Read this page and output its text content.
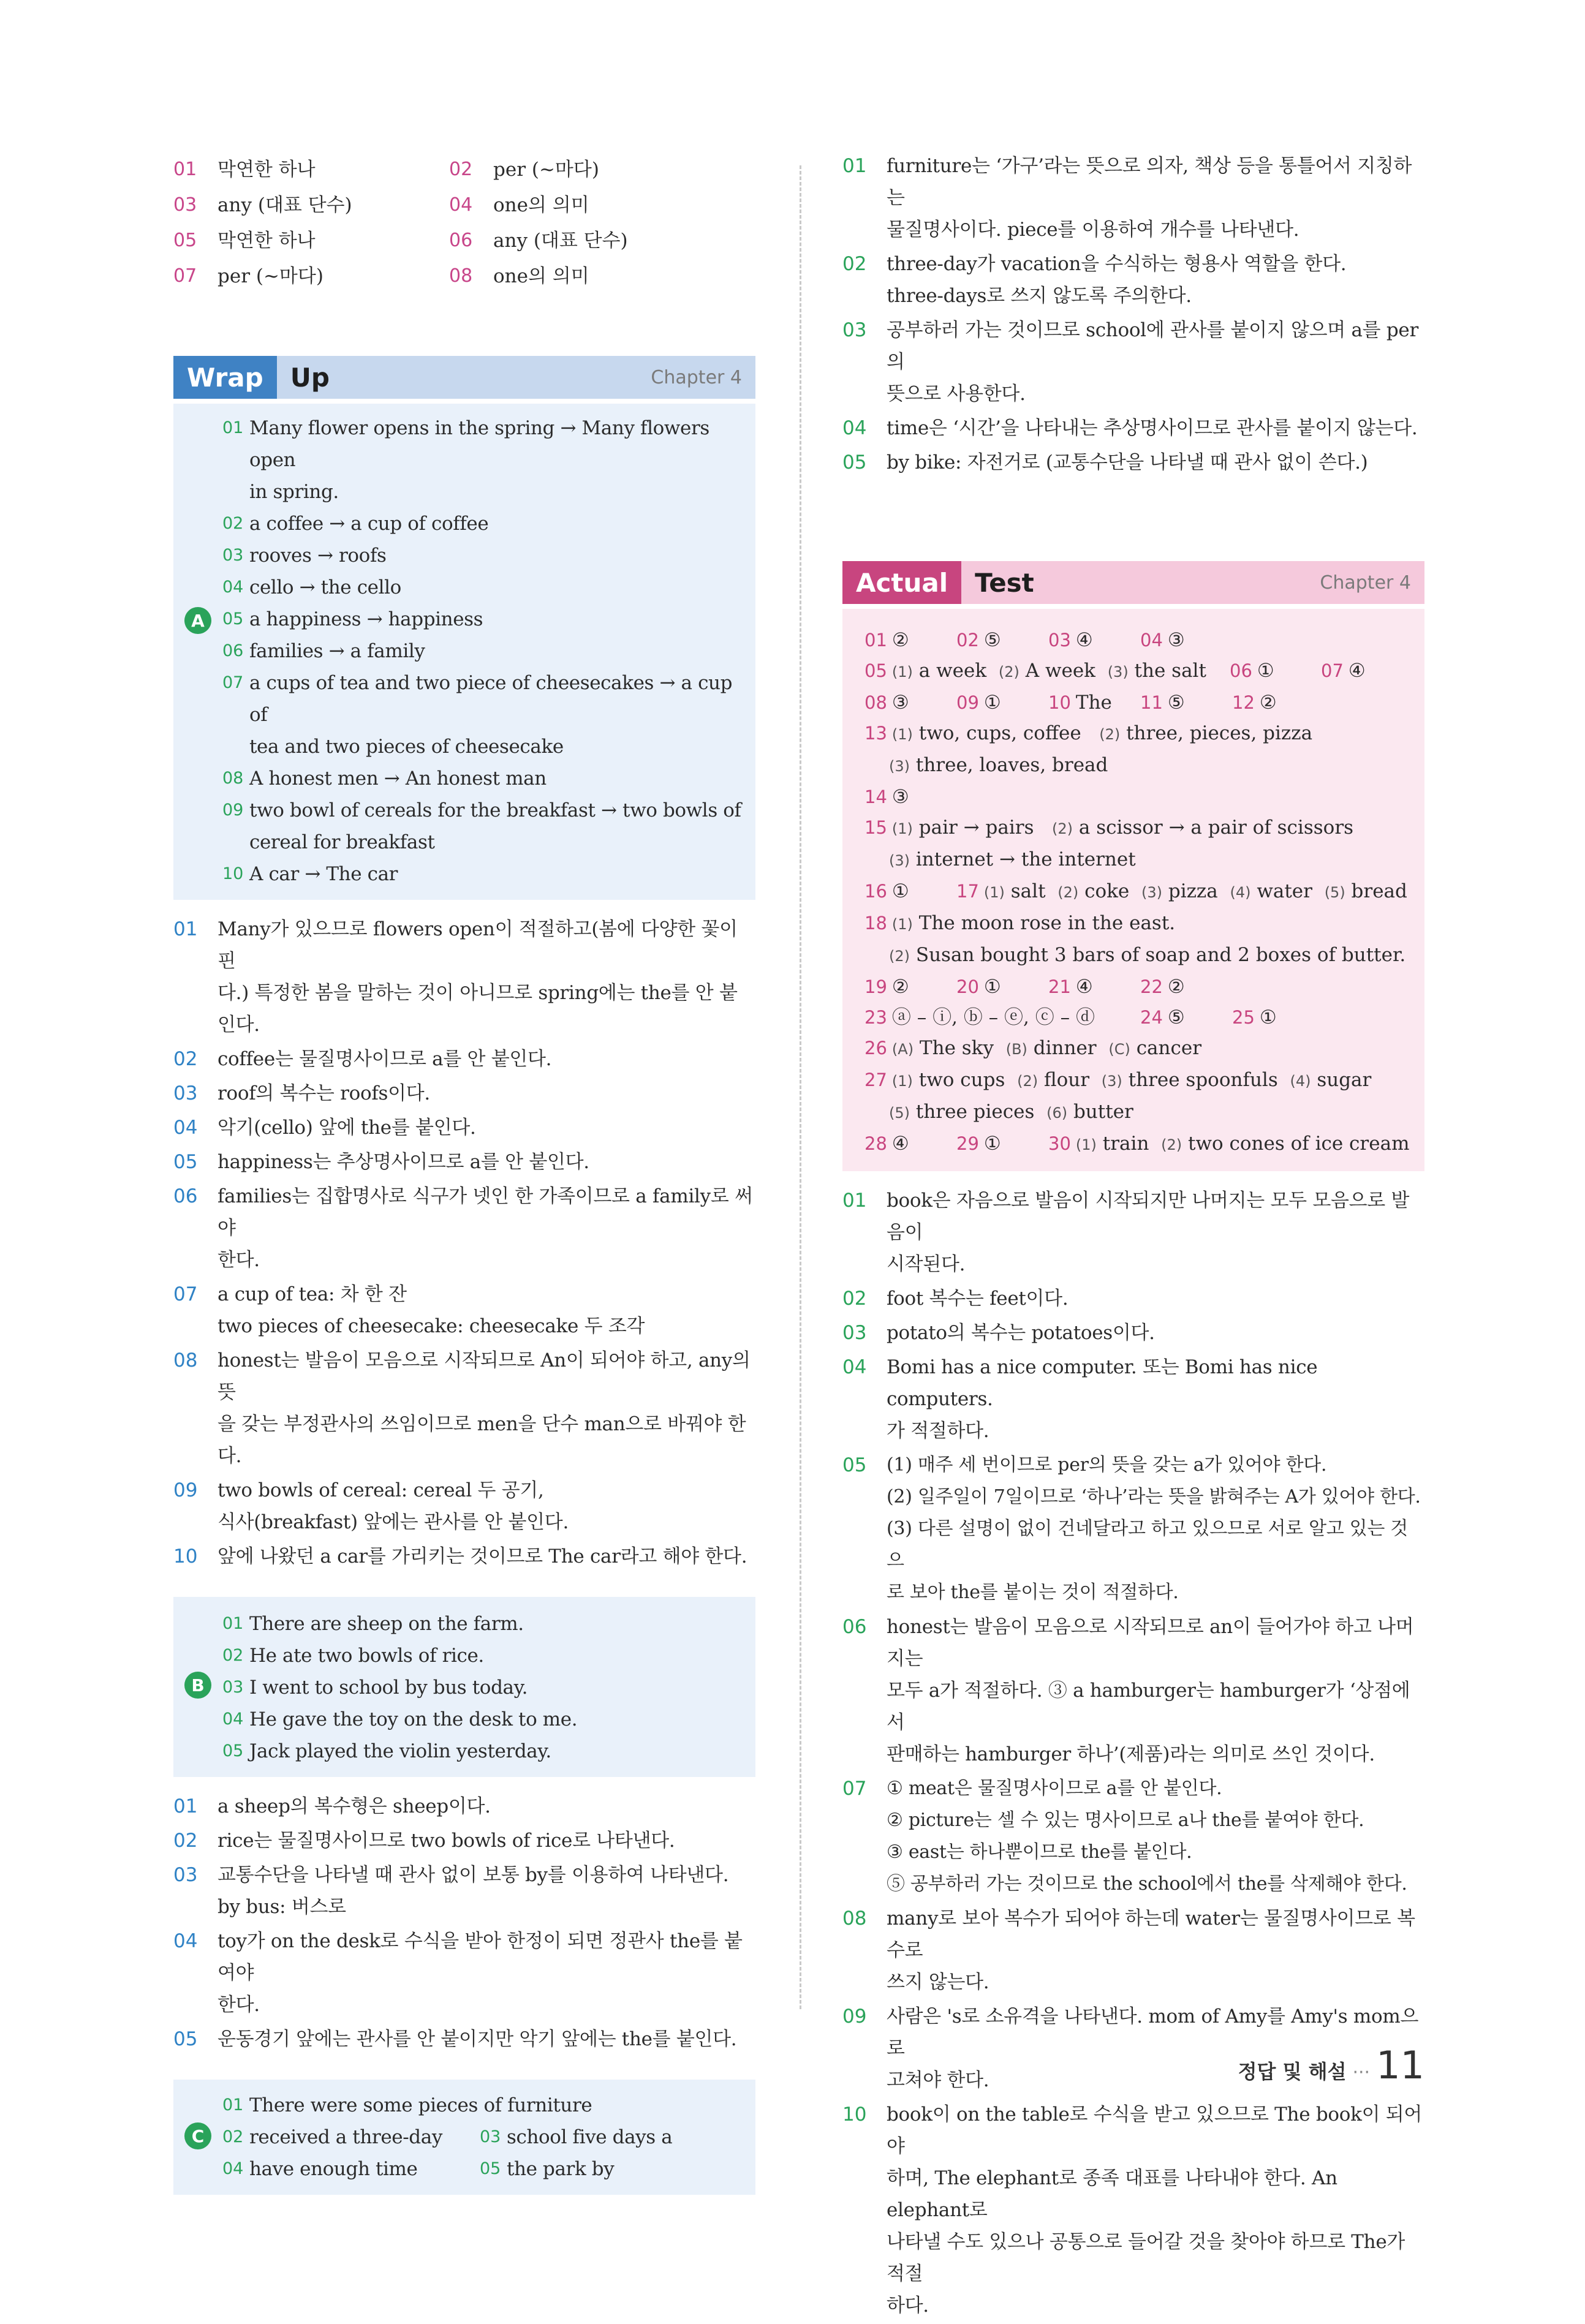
01	막연한 하나	02	per (~마다)
03	any (대표 단수)	04	one의 의미
05	막연한 하나	06	any (대표 단수)
07	per (~마다)	08	one의 의미
Wrap	Up	Chapter 4
A
01 Many flower opens in the spring → Many flowers open
in spring.
02 a coffee → a cup of coffee
03 rooves → roofs
04 cello → the cello
05 a happiness → happiness
06 families → a family
07 a cups of tea and two piece of cheesecakes → a cup of
tea and two pieces of cheesecake
08 A honest men → An honest man
09 two bowl of cereals for the breakfast → two bowls of
cereal for breakfast
10 A car → The car
01	Many가 있으므로 flowers open이 적절하고(봄에 다양한 꽃이 핀
다.) 특정한 봄을 말하는 것이 아니므로 spring에는 the를 안 붙인다.
02	coffee는 물질명사이므로 a를 안 붙인다.
03	roof의 복수는 roofs이다.
04	악기(cello) 앞에 the를 붙인다.
05	happiness는 추상명사이므로 a를 안 붙인다.
06	families는 집합명사로 식구가 넷인 한 가족이므로 a family로 써야
한다.
07	a cup of tea: 차 한 잔
two pieces of cheesecake: cheesecake 두 조각
08	honest는 발음이 모음으로 시작되므로 An이 되어야 하고, any의 뜻
을 갖는 부정관사의 쓰임이므로 men을 단수 man으로 바꿔야 한다.
09	two bowls of cereal: cereal 두 공기,
식사(breakfast) 앞에는 관사를 안 붙인다.
10	앞에 나왔던 a car를 가리키는 것이므로 The car라고 해야 한다.
B
01 There are sheep on the farm.
02 He ate two bowls of rice.
03 I went to school by bus today.
04 He gave the toy on the desk to me.
05 Jack played the violin yesterday.
01	a sheep의 복수형은 sheep이다.
02	rice는 물질명사이므로 two bowls of rice로 나타낸다.
03	교통수단을 나타낼 때 관사 없이 보통 by를 이용하여 나타낸다.
by bus: 버스로
04	toy가 on the desk로 수식을 받아 한정이 되면 정관사 the를 붙여야
한다.
05	운동경기 앞에는 관사를 안 붙이지만 악기 앞에는 the를 붙인다.
C
01 There were some pieces of furniture
02 received a three-day	03 school five days a
04 have enough time	05 the park by
01	furniture는 ‘가구’라는 뜻으로 의자, 책상 등을 통틀어서 지칭하는
물질명사이다. piece를 이용하여 개수를 나타낸다.
02	three-day가 vacation을 수식하는 형용사 역할을 한다.
three-days로 쓰지 않도록 주의한다.
03	공부하러 가는 것이므로 school에 관사를 붙이지 않으며 a를 per의
뜻으로 사용한다.
04	time은 ‘시간’을 나타내는 추상명사이므로 관사를 붙이지 않는다.
05	by bike: 자전거로 (교통수단을 나타낼 때 관사 없이 쓴다.)
Actual	Test	Chapter 4
01 ②	02 ⑤	03 ④	04 ③
05 (1) a week (2) A week (3) the salt	06 ①	07 ④
08 ③	09 ①	10 The	11 ⑤	12 ②
13 (1) two, cups, coffee (2) three, pieces, pizza
(3) three, loaves, bread
14 ③
15 (1) pair → pairs (2) a scissor → a pair of scissors
(3) internet → the internet
16 ①	17 (1) salt (2) coke (3) pizza (4) water (5) bread
18 (1) The moon rose in the east.
(2) Susan bought 3 bars of soap and 2 boxes of butter.
19 ②	20 ①	21 ④	22 ②
23 ⓐ – ⓘ, ⓑ – ⓔ, ⓒ – ⓓ	24 ⑤	25 ①
26 (A) The sky (B) dinner (C) cancer
27 (1) two cups (2) flour (3) three spoonfuls (4) sugar
(5) three pieces (6) butter
28 ④	29 ①	30 (1) train (2) two cones of ice cream
01	book은 자음으로 발음이 시작되지만 나머지는 모두 모음으로 발음이
시작된다.
02	foot 복수는 feet이다.
03	potato의 복수는 potatoes이다.
04	Bomi has a nice computer. 또는 Bomi has nice computers.
가 적절하다.
05	(1) 매주 세 번이므로 per의 뜻을 갖는 a가 있어야 한다.
(2) 일주일이 7일이므로 ‘하나’라는 뜻을 밝혀주는 A가 있어야 한다.
(3) 다른 설명이 없이 건네달라고 하고 있으므로 서로 알고 있는 것으
로 보아 the를 붙이는 것이 적절하다.
06	honest는 발음이 모음으로 시작되므로 an이 들어가야 하고 나머지는
모두 a가 적절하다. ③ a hamburger는 hamburger가 ‘상점에서
판매하는 hamburger 하나’(제품)라는 의미로 쓰인 것이다.
07	① meat은 물질명사이므로 a를 안 붙인다.
② picture는 셀 수 있는 명사이므로 a나 the를 붙여야 한다.
③ east는 하나뿐이므로 the를 붙인다.
⑤ 공부하러 가는 것이므로 the school에서 the를 삭제해야 한다.
08	many로 보아 복수가 되어야 하는데 water는 물질명사이므로 복수로
쓰지 않는다.
09	사람은 's로 소유격을 나타낸다. mom of Amy를 Amy's mom으로
고쳐야 한다.
10	book이 on the table로 수식을 받고 있으므로 The book이 되어야
하며, The elephant로 종족 대표를 나타내야 한다. An elephant로
나타낼 수도 있으나 공통으로 들어갈 것을 찾아야 하므로 The가 적절
하다.
정답 및 해설 ··· 11
